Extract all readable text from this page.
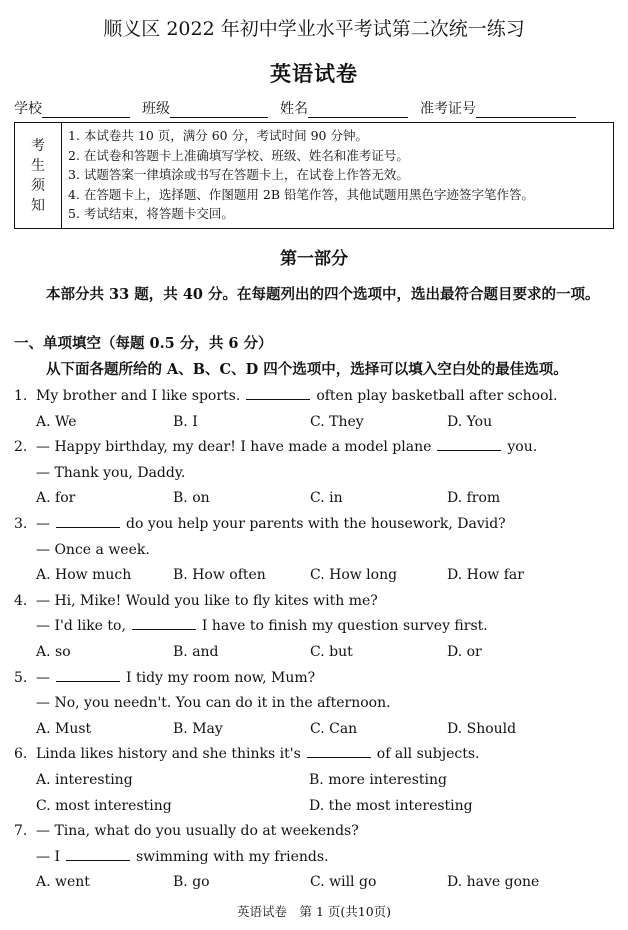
顺义区 2022 年初中学业水平考试第二次统一练习
英语试卷
学校	班级	姓名	准考证号
考
生
须
知
1. 本试卷共 10 页，满分 60 分，考试时间 90 分钟。
2. 在试卷和答题卡上准确填写学校、班级、姓名和准考证号。
3. 试题答案一律填涂或书写在答题卡上，在试卷上作答无效。
4. 在答题卡上，选择题、作图题用 2B 铅笔作答，其他试题用黑色字迹签字笔作答。
5. 考试结束，将答题卡交回。
第一部分
本部分共 33 题，共 40 分。在每题列出的四个选项中，选出最符合题目要求的一项。
一、单项填空（每题 0.5 分，共 6 分）
从下面各题所给的 A、B、C、D 四个选项中，选择可以填入空白处的最佳选项。
1. My brother and I like sports.	often play basketball after school.
A. We	B. I	C. They	D. You
2. — Happy birthday, my dear! I have made a model plane	you.
— Thank you, Daddy.
A. for	B. on	C. in	D. from
3. —	do you help your parents with the housework, David?
— Once a week.
A. How much	B. How often	C. How long	D. How far
4. — Hi, Mike! Would you like to fly kites with me?
— I'd like to,	I have to finish my question survey first.
A. so	B. and	C. but	D. or
5. —	I tidy my room now, Mum?
— No, you needn't. You can do it in the afternoon.
A. Must	B. May	C. Can	D. Should
6. Linda likes history and she thinks it's	of all subjects.
A. interesting	B. more interesting
C. most interesting	D. the most interesting
7. — Tina, what do you usually do at weekends?
— I	swimming with my friends.
A. went	B. go	C. will go	D. have gone
英语试卷　第 1 页(共10页)
